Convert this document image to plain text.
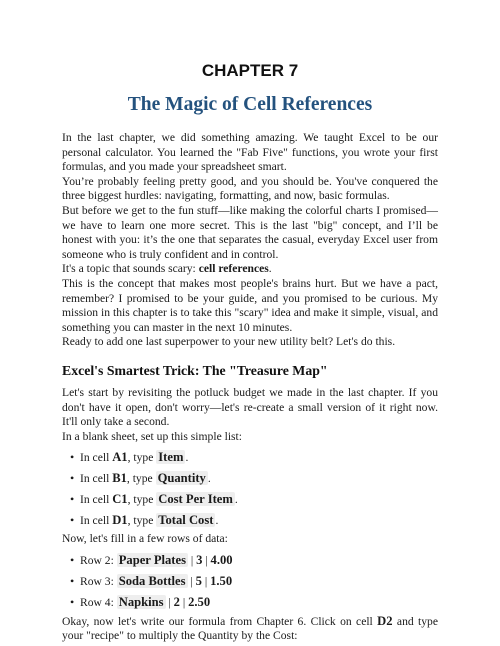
CHAPTER 7
The Magic of Cell References

In the last chapter, we did something amazing. We taught Excel to be our personal calculator. You learned the "Fab Five" functions, you wrote your first formulas, and you made your spreadsheet smart.

You’re probably feeling pretty good, and you should be. You've conquered the three biggest hurdles: navigating, formatting, and now, basic formulas.

But before we get to the fun stuff—like making the colorful charts I promised—we have to learn one more secret. This is the last "big" concept, and I’ll be honest with you: it’s the one that separates the casual, everyday Excel user from someone who is truly confident and in control.

It's a topic that sounds scary: cell references.

This is the concept that makes most people's brains hurt. But we have a pact, remember? I promised to be your guide, and you promised to be curious. My mission in this chapter is to take this "scary" idea and make it simple, visual, and something you can master in the next 10 minutes.

Ready to add one last superpower to your new utility belt? Let's do this.

Excel's Smartest Trick: The "Treasure Map"

Let's start by revisiting the potluck budget we made in the last chapter. If you don't have it open, don't worry—let's re-create a small version of it right now. It'll only take a second.

In a blank sheet, set up this simple list:

• In cell A1, type Item .
• In cell B1, type Quantity .
• In cell C1, type Cost Per Item .
• In cell D1, type Total Cost .

Now, let's fill in a few rows of data:

• Row 2: Paper Plates | 3 | 4.00
• Row 3: Soda Bottles | 5 | 1.50
• Row 4: Napkins | 2 | 2.50

Okay, now let's write our formula from Chapter 6. Click on cell D2 and type your "recipe" to multiply the Quantity by the Cost:
